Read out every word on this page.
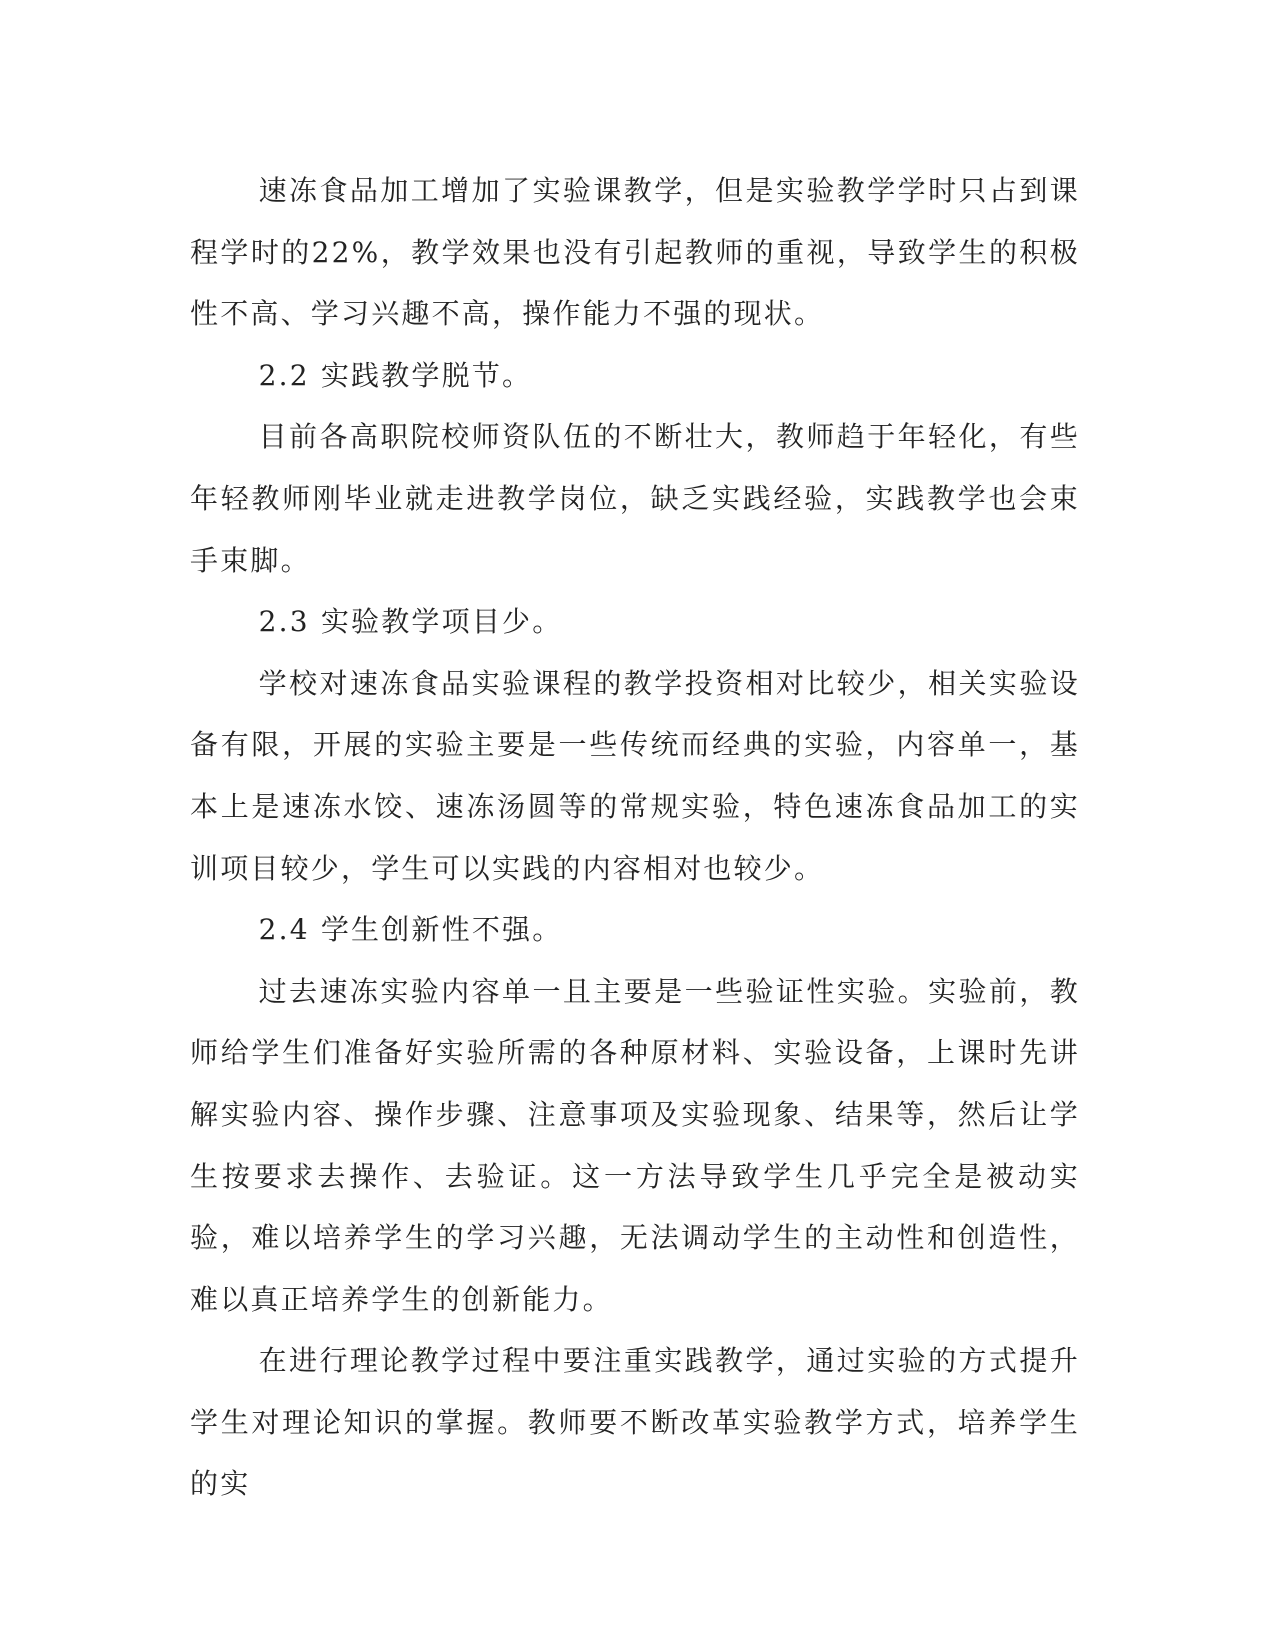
速冻食品加工增加了实验课教学，但是实验教学学时只占到课程学时的22%，教学效果也没有引起教师的重视，导致学生的积极性不高、学习兴趣不高，操作能力不强的现状。

2.2 实践教学脱节。

目前各高职院校师资队伍的不断壮大，教师趋于年轻化，有些年轻教师刚毕业就走进教学岗位，缺乏实践经验，实践教学也会束手束脚。

2.3 实验教学项目少。

学校对速冻食品实验课程的教学投资相对比较少，相关实验设备有限，开展的实验主要是一些传统而经典的实验，内容单一，基本上是速冻水饺、速冻汤圆等的常规实验，特色速冻食品加工的实训项目较少，学生可以实践的内容相对也较少。

2.4 学生创新性不强。

过去速冻实验内容单一且主要是一些验证性实验。实验前，教师给学生们准备好实验所需的各种原材料、实验设备，上课时先讲解实验内容、操作步骤、注意事项及实验现象、结果等，然后让学生按要求去操作、去验证。这一方法导致学生几乎完全是被动实验，难以培养学生的学习兴趣，无法调动学生的主动性和创造性，难以真正培养学生的创新能力。

在进行理论教学过程中要注重实践教学，通过实验的方式提升学生对理论知识的掌握。教师要不断改革实验教学方式，培养学生的实
